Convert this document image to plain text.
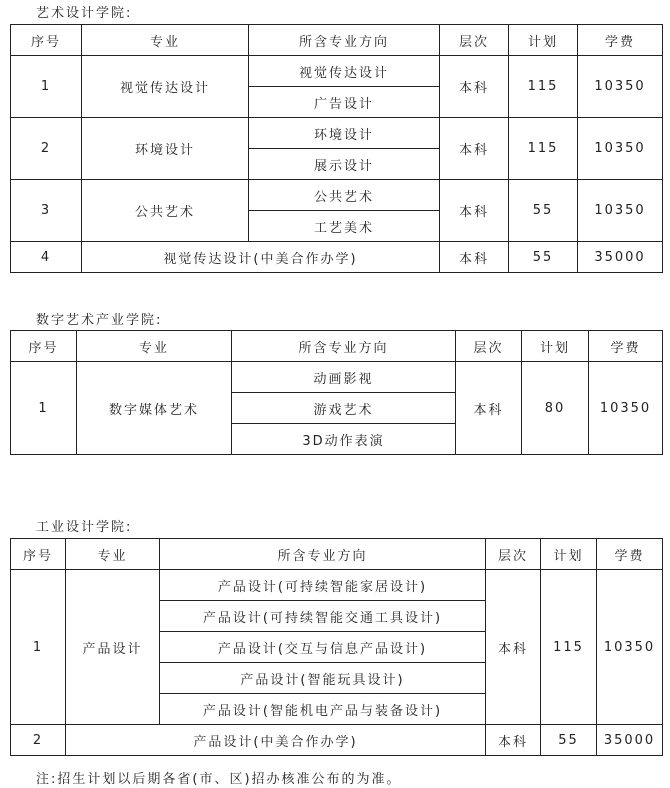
艺术设计学院:
序号	专业	所含专业方向	层次	计划	学费
1	视觉传达设计	视觉传达设计	本科	115	10350
		广告设计			
2	环境设计	环境设计	本科	115	10350
		展示设计			
3	公共艺术	公共艺术	本科	55	10350
		工艺美术			
4	视觉传达设计(中美合作办学)		本科	55	35000
数字艺术产业学院:
序号	专业	所含专业方向	层次	计划	学费
1	数字媒体艺术	动画影视	本科	80	10350
		游戏艺术			
		3D动作表演			
工业设计学院:
序号	专业	所含专业方向	层次	计划	学费
1	产品设计	产品设计(可持续智能家居设计)	本科	115	10350
		产品设计(可持续智能交通工具设计)			
		产品设计(交互与信息产品设计)			
		产品设计(智能玩具设计)			
		产品设计(智能机电产品与装备设计)			
2	产品设计(中美合作办学)		本科	55	35000
注:招生计划以后期各省(市、区)招办核准公布的为准。
